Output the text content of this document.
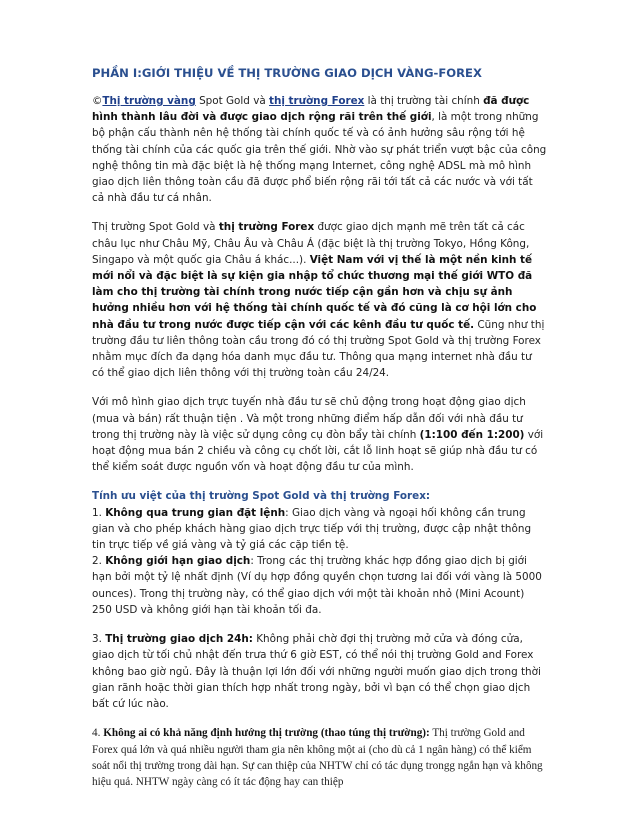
PHẦN I:GIỚI THIỆU VỀ THỊ TRƯỜNG GIAO DỊCH VÀNG-FOREX

©Thị trường vàng Spot Gold và thị trường Forex là thị trường tài chính đã được hình thành lâu đời và được giao dịch rộng rãi trên thế giới, là một trong những bộ phận cấu thành nên hệ thống tài chính quốc tế và có ảnh hưởng sâu rộng tới hệ thống tài chính của các quốc gia trên thế giới. Nhờ vào sự phát triển vượt bậc của công nghệ thông tin mà đặc biệt là hệ thống mạng Internet, công nghệ ADSL mà mô hình giao dịch liên thông toàn cầu đã được phổ biến rộng rãi tới tất cả các nước và với tất cả nhà đầu tư cá nhân.

Thị trường Spot Gold và thị trường Forex được giao dịch mạnh mẽ trên tất cả các châu lục như Châu Mỹ, Châu Âu và Châu Á (đặc biệt là thị trường Tokyo, Hồng Kông, Singapo và một quốc gia Châu á khác...). Việt Nam với vị thế là một nền kinh tế mới nổi và đặc biệt là sự kiện gia nhập tổ chức thương mại thế giới WTO đã làm cho thị trường tài chính trong nước tiếp cận gần hơn và chịu sự ảnh hưởng nhiều hơn với hệ thống tài chính quốc tế và đó cũng là cơ hội lớn cho nhà đầu tư trong nước được tiếp cận với các kênh đầu tư quốc tế. Cũng như thị trường đầu tư liên thông toàn cầu trong đó có thị trường Spot Gold và thị trường Forex nhằm mục đích đa dạng hóa danh mục đầu tư. Thông qua mạng internet nhà đầu tư có thể giao dịch liên thông với thị trường toàn cầu 24/24.

Với mô hình giao dịch trực tuyến nhà đầu tư sẽ chủ động trong hoạt động giao dịch (mua và bán) rất thuận tiện . Và một trong những điểm hấp dẫn đối với nhà đầu tư trong thị trường này là việc sử dụng công cụ đòn bẩy tài chính (1:100 đến 1:200) với hoạt động mua bán 2 chiều và công cụ chốt lời, cắt lỗ linh hoạt sẽ giúp nhà đầu tư có thể kiểm soát được nguồn vốn và hoạt động đầu tư của mình.

Tính ưu việt của thị trường Spot Gold và thị trường Forex:
1. Không qua trung gian đặt lệnh: Giao dịch vàng và ngoại hối không cần trung gian và cho phép khách hàng giao dịch trực tiếp với thị trường, được cập nhật thông tin trực tiếp về giá vàng và tỷ giá các cặp tiền tệ.
2. Không giới hạn giao dịch: Trong các thị trường khác hợp đồng giao dịch bị giới hạn bởi một tỷ lệ nhất định (Ví dụ hợp đồng quyền chọn tương lai đối với vàng là 5000 ounces). Trong thị trường này, có thể giao dịch với một tài khoản nhỏ (Mini Acount) 250 USD và không giới hạn tài khoản tối đa.

3. Thị trường giao dịch 24h: Không phải chờ đợi thị trường mở cửa và đóng cửa, giao dịch từ tối chủ nhật đến trưa thứ 6 giờ EST, có thể nói thị trường Gold and Forex không bao giờ ngủ. Đây là thuận lợi lớn đối với những người muốn giao dịch trong thời gian rãnh hoặc thời gian thích hợp nhất trong ngày, bởi vì bạn có thể chọn giao dịch bất cứ lúc nào.

4. Không ai có khả năng định hướng thị trường (thao túng thị trường): Thị trường Gold and Forex quá lớn và quá nhiều người tham gia nên không một ai (cho dù cả 1 ngân hàng) có thể kiểm soát nổi thị trường trong dài hạn. Sự can thiệp của NHTW chỉ có tác dụng trongg ngắn hạn và không hiệu quả. NHTW ngày càng có ít tác động hay can thiệp
